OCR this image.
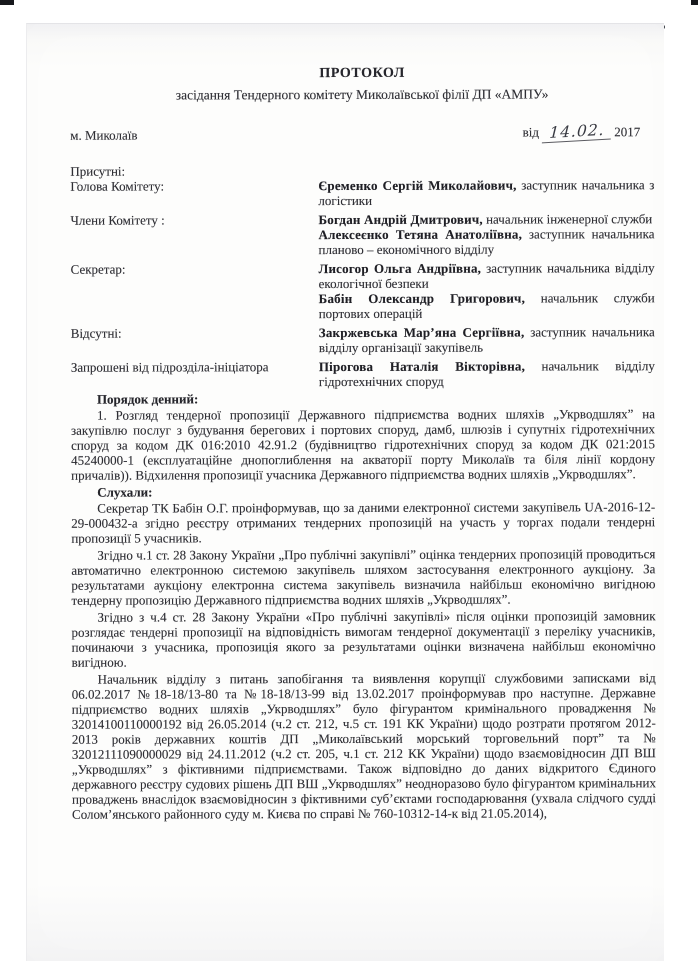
ПРОТОКОЛ
засідання Тендерного комітету Миколаївської філії ДП «АМПУ»
м. Миколаїв	від 14.02. 2017
Присутні:
Голова Комітету:	Єременко Сергій Миколайович, заступник начальника з логістики

Члени Комітету :	Богдан Андрій Дмитрович, начальник інженерної служби

Алексеєнко Тетяна Анатоліївна, заступник начальника планово – економічного відділу

Секретар:	Лисогор Ольга Андріївна, заступник начальника відділу екологічної безпеки

Бабін Олександр Григорович, начальник служби портових операцій

Відсутні:	Закржевська Мар’яна Сергіївна, заступник начальника відділу організації закупівель

Запрошені від підрозділа-ініціатора	Пірогова Наталія Вікторівна, начальник відділу гідротехнічних споруд

Порядок денний:

1. Розгляд тендерної пропозиції Державного підприємства водних шляхів „Укрводшлях” на закупівлю послуг з будування берегових і портових споруд, дамб, шлюзів і супутніх гідротехнічних споруд за кодом ДК 016:2010 42.91.2 (будівництво гідротехнічних споруд за кодом ДК 021:2015 45240000-1 (експлуатаційне днопоглиблення на акваторії порту Миколаїв та біля лінії кордону причалів)). Відхилення пропозиції учасника Державного підприємства водних шляхів „Укрводшлях”.

Слухали:

Секретар ТК Бабін О.Г. проінформував, що за даними електронної системи закупівель UA-2016-12-29-000432-а згідно реєстру отриманих тендерних пропозицій на участь у торгах подали тендерні пропозиції 5 учасників.

Згідно ч.1 ст. 28 Закону України „Про публічні закупівлі” оцінка тендерних пропозицій проводиться автоматично електронною системою закупівель шляхом застосування електронного аукціону. За результатами аукціону електронна система закупівель визначила найбільш економічно вигідною тендерну пропозицію Державного підприємства водних шляхів „Укрводшлях”.

Згідно з ч.4 ст. 28 Закону України «Про публічні закупівлі» після оцінки пропозицій замовник розглядає тендерні пропозиції на відповідність вимогам тендерної документації з переліку учасників, починаючи з учасника, пропозиція якого за результатами оцінки визначена найбільш економічно вигідною.

Начальник відділу з питань запобігання та виявлення корупції службовими записками від 06.02.2017 №18-18/13-80 та №18-18/13-99 від 13.02.2017 проінформував про наступне. Державне підприємство водних шляхів „Укрводшлях” було фігурантом кримінального провадження № 32014100110000192 від 26.05.2014 (ч.2 ст. 212, ч.5 ст. 191 КК України) щодо розтрати протягом 2012-2013 років державних коштів ДП „Миколаївський морський торговельний порт” та № 32012111090000029 від 24.11.2012 (ч.2 ст. 205, ч.1 ст. 212 КК України) щодо взаємовідносин ДП ВШ „Укрводшлях” з фіктивними підприємствами. Також відповідно до даних відкритого Єдиного державного реєстру судових рішень ДП ВШ „Укрводшлях” неодноразово було фігурантом кримінальних проваджень внаслідок взаємовідносин з фіктивними суб’єктами господарювання (ухвала слідчого судді Солом’янського районного суду м. Києва по справі № 760-10312-14-к від 21.05.2014),
